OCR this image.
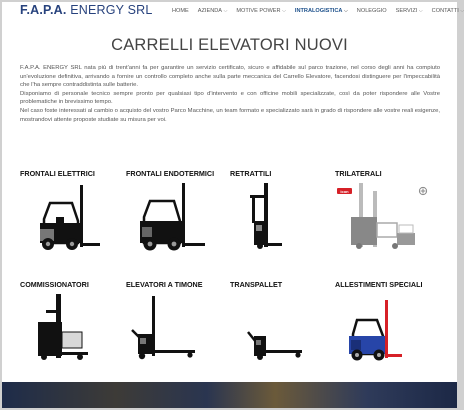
F.A.P.A. ENERGY SRL	HOME AZIENDA ⌵ MOTIVE POWER ⌵ INTRALOGISTICA ⌵ NOLEGGIO SERVIZI ⌵ CONTATTI ⌵
CARRELLI ELEVATORI NUOVI

F.A.P.A. ENERGY SRL nata più di trent'anni fa per garantire un servizio certificato, sicuro e affidabile sul parco trazione, nel corso degli anni ha compiuto un'evoluzione definitiva, arrivando a fornire un controllo completo anche sulla parte meccanica del Carrello Elevatore, facendosi distinguere per l'impeccabilità che l'ha sempre contraddistinta sulle batterie.

Disponiamo di personale tecnico sempre pronto per qualsiasi tipo d'intervento e con officine mobili specializzate, così da poter rispondere alle Vostre problematiche in brevissimo tempo.

Nel caso foste interessati al cambio o acquisto del vostro Parco Macchine, un team formato e specializzato sarà in grado di rispondere alle vostre reali esigenze, mostrandovi attente proposte studiate su misura per voi.

FRONTALI ELETTRICI	FRONTALI ENDOTERMICI	RETRATTILI	TRILATERALI
icon
COMMISSIONATORI	ELEVATORI A TIMONE	TRANSPALLET	ALLESTIMENTI SPECIALI
